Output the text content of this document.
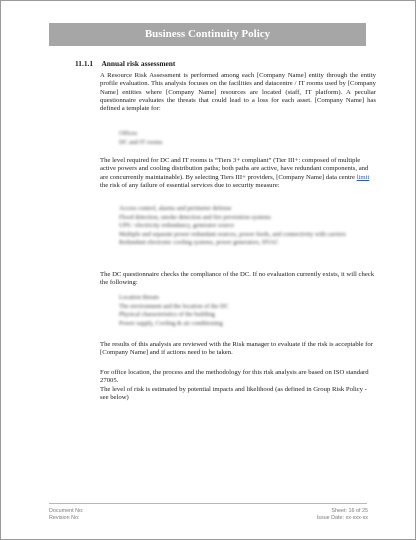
Business Continuity Policy
11.1.1 Annual risk assessment

A Resource Risk Assessment is performed among each [Company Name] entity through the entity profile evaluation. This analysis focuses on the facilities and datacentre / IT rooms used by [Company Name] entities where [Company Name] resources are located (staff, IT platform). A peculiar questionnaire evaluates the threats that could lead to a loss for each asset. [Company Name] has defined a template for:

• Offices
• DC and IT rooms

The level required for DC and IT rooms is “Tiers 3+ compliant” (Tier III+: composed of multiple active powers and cooling distribution paths; both paths are active, have redundant components, and are concurrently maintainable). By selecting Tiers III+ providers, [Company Name] data centre limit the risk of any failure of essential services due to security measure:

• Access control, alarms and perimeter defense
• Flood detection, smoke detection and fire prevention systems
• UPS / electricity redundancy, generator source
• Multiple and separate power redundant sources, power feeds, and connectivity with carriers
• Redundant electronic cooling systems, power generators, HVAC

The DC questionnaire checks the compliance of the DC. If no evaluation currently exists, it will check the following:

• Location threats
• The environment and the location of the DC
• Physical characteristics of the building
• Power supply, Cooling & air conditioning

The results of this analysis are reviewed with the Risk manager to evaluate if the risk is acceptable for [Company Name] and if actions need to be taken.

For office location, the process and the methodology for this risk analysis are based on ISO standard 27005.

The level of risk is estimated by potential impacts and likelihood (as defined in Group Risk Policy - see below)

Document No:
Revision No:
Sheet: 16 of 25
Issue Date: xx-xxx-xx
